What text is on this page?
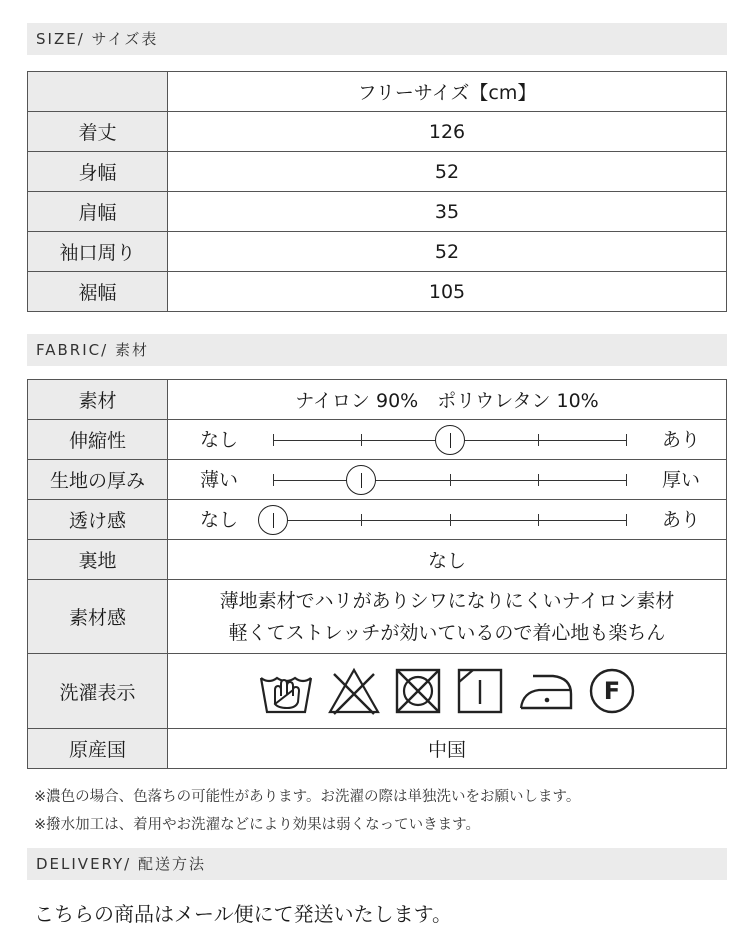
SIZE/ サイズ表
	フリーサイズ【cm】
着丈	126
身幅	52
肩幅	35
袖口周り	52
裾幅	105
FABRIC/ 素材
素材	ナイロン 90%　ポリウレタン 10%
伸縮性	なし あり

生地の厚み	薄い 厚い

透け感	なし あり

裏地	なし
素材感	薄地素材でハリがありシワになりにくいナイロン素材
軽くてストレッチが効いているので着心地も楽ちん

洗濯表示	F

原産国	中国
※濃色の場合、色落ちの可能性があります。お洗濯の際は単独洗いをお願いします。
※撥水加工は、着用やお洗濯などにより効果は弱くなっていきます。
DELIVERY/ 配送方法
こちらの商品はメール便にて発送いたします。
